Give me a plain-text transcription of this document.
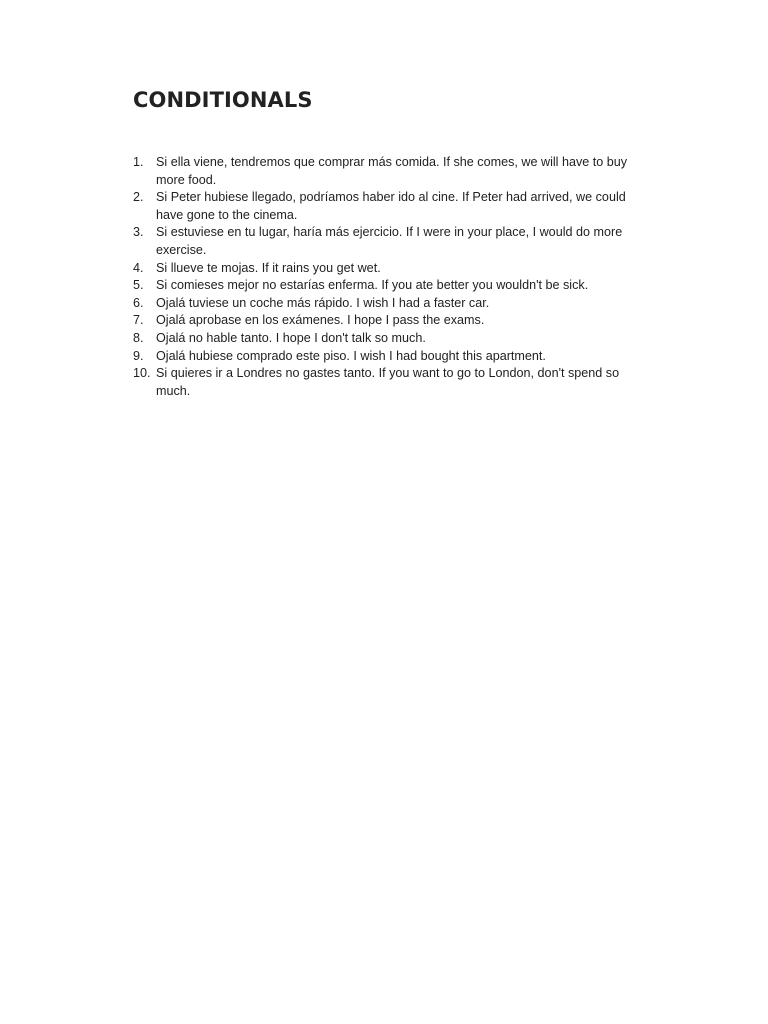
CONDITIONALS
1. Si ella viene, tendremos que comprar más comida. If she comes, we will have to buy more food.
2. Si Peter hubiese llegado, podríamos haber ido al cine. If Peter had arrived, we could have gone to the cinema.
3. Si estuviese en tu lugar, haría más ejercicio. If I were in your place, I would do more exercise.
4. Si llueve te mojas. If it rains you get wet.
5. Si comieses mejor no estarías enferma. If you ate better you wouldn't be sick.
6. Ojalá tuviese un coche más rápido. I wish I had a faster car.
7. Ojalá aprobase en los exámenes. I hope I pass the exams.
8. Ojalá no hable tanto. I hope I don't talk so much.
9. Ojalá hubiese comprado este piso. I wish I had bought this apartment.
10. Si quieres ir a Londres no gastes tanto. If you want to go to London, don't spend so much.
